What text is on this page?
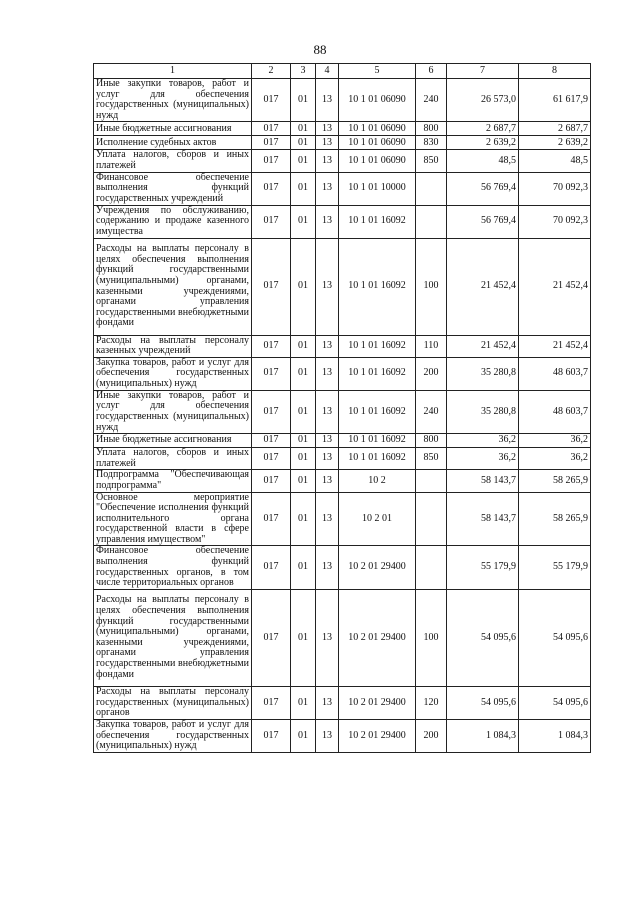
88
1	2	3	4	5	6	7	8
Иные закупки товаров, работ и услуг для обеспечения государственных (муниципальных) нужд	017	01	13	10 1 01 06090	240	26 573,0	61 617,9
Иные бюджетные ассигнования	017	01	13	10 1 01 06090	800	2 687,7	2 687,7
Исполнение судебных актов	017	01	13	10 1 01 06090	830	2 639,2	2 639,2
Уплата налогов, сборов и иных платежей	017	01	13	10 1 01 06090	850	48,5	48,5
Финансовое обеспечение выполнения функций государственных учреждений	017	01	13	10 1 01 10000		56 769,4	70 092,3
Учреждения по обслуживанию, содержанию и продаже казенного имущества	017	01	13	10 1 01 16092		56 769,4	70 092,3
Расходы на выплаты персоналу в целях обеспечения выполнения функций государственными (муниципальными) органами, казенными учреждениями, органами управления государственными внебюджетными фондами	017	01	13	10 1 01 16092	100	21 452,4	21 452,4
Расходы на выплаты персоналу казенных учреждений	017	01	13	10 1 01 16092	110	21 452,4	21 452,4
Закупка товаров, работ и услуг для обеспечения государственных (муниципальных) нужд	017	01	13	10 1 01 16092	200	35 280,8	48 603,7
Иные закупки товаров, работ и услуг для обеспечения государственных (муниципальных) нужд	017	01	13	10 1 01 16092	240	35 280,8	48 603,7
Иные бюджетные ассигнования	017	01	13	10 1 01 16092	800	36,2	36,2
Уплата налогов, сборов и иных платежей	017	01	13	10 1 01 16092	850	36,2	36,2
Подпрограмма "Обеспечивающая подпрограмма"	017	01	13	10 2		58 143,7	58 265,9
Основное мероприятие "Обеспечение исполнения функций исполнительного органа государственной власти в сфере управления имуществом"	017	01	13	10 2 01		58 143,7	58 265,9
Финансовое обеспечение выполнения функций государственных органов, в том числе территориальных органов	017	01	13	10 2 01 29400		55 179,9	55 179,9
Расходы на выплаты персоналу в целях обеспечения выполнения функций государственными (муниципальными) органами, казенными учреждениями, органами управления государственными внебюджетными фондами	017	01	13	10 2 01 29400	100	54 095,6	54 095,6
Расходы на выплаты персоналу государственных (муниципальных) органов	017	01	13	10 2 01 29400	120	54 095,6	54 095,6
Закупка товаров, работ и услуг для обеспечения государственных (муниципальных) нужд	017	01	13	10 2 01 29400	200	1 084,3	1 084,3
